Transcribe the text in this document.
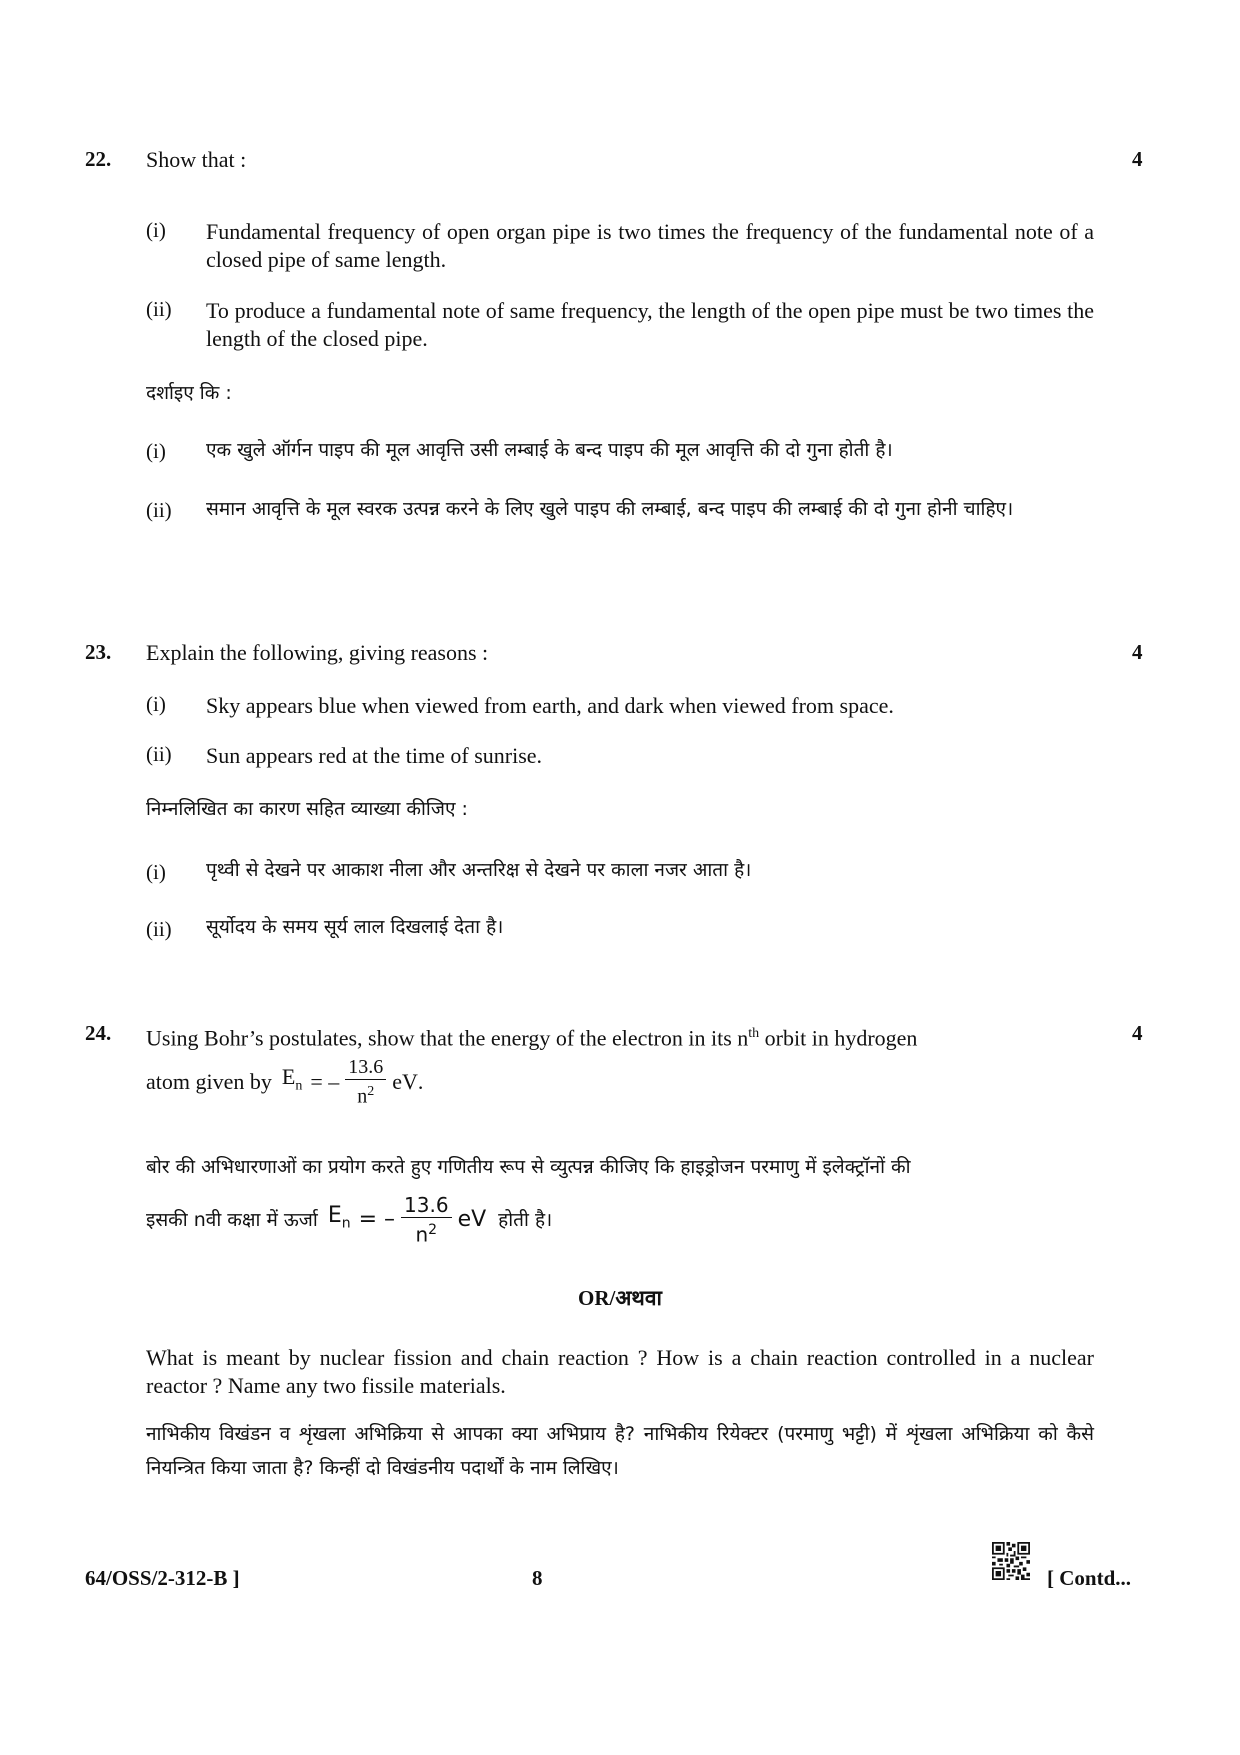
22. Show that :	4
(i) Fundamental frequency of open organ pipe is two times the frequency of the fundamental note of a closed pipe of same length.
(ii) To produce a fundamental note of same frequency, the length of the open pipe must be two times the length of the closed pipe.
दर्शाइए कि :
(i) एक खुले ऑर्गन पाइप की मूल आवृत्ति उसी लम्बाई के बन्द पाइप की मूल आवृत्ति की दो गुना होती है।
(ii) समान आवृत्ति के मूल स्वरक उत्पन्न करने के लिए खुले पाइप की लम्बाई, बन्द पाइप की लम्बाई की दो गुना होनी चाहिए।
23. Explain the following, giving reasons :	4
(i) Sky appears blue when viewed from earth, and dark when viewed from space.
(ii) Sun appears red at the time of sunrise.
निम्नलिखित का कारण सहित व्याख्या कीजिए :
(i) पृथ्वी से देखने पर आकाश नीला और अन्तरिक्ष से देखने पर काला नजर आता है।
(ii) सूर्योदय के समय सूर्य लाल दिखलाई देता है।
24. Using Bohr’s postulates, show that the energy of the electron in its $n^{th}$ orbit in hydrogen	4
atom given by $E_n$ = – $\frac{13.6}{n^2}$ eV .
बोर की अभिधारणाओं का प्रयोग करते हुए गणितीय रूप से व्युत्पन्न कीजिए कि हाइड्रोजन परमाणु में इलेक्ट्रॉनों की
इसकी nवी कक्षा में ऊर्जा $E_n$ = – $\frac{13.6}{n^2}$ eV होती है।
OR/अथवा
What is meant by nuclear fission and chain reaction ? How is a chain reaction controlled in a nuclear reactor ? Name any two fissile materials.
नाभिकीय विखंडन व शृंखला अभिक्रिया से आपका क्या अभिप्राय है? नाभिकीय रियेक्टर (परमाणु भट्टी) में शृंखला अभिक्रिया को कैसे नियन्त्रित किया जाता है? किन्हीं दो विखंडनीय पदार्थों के नाम लिखिए।
64/OSS/2-312-B ]	8	[ Contd...
